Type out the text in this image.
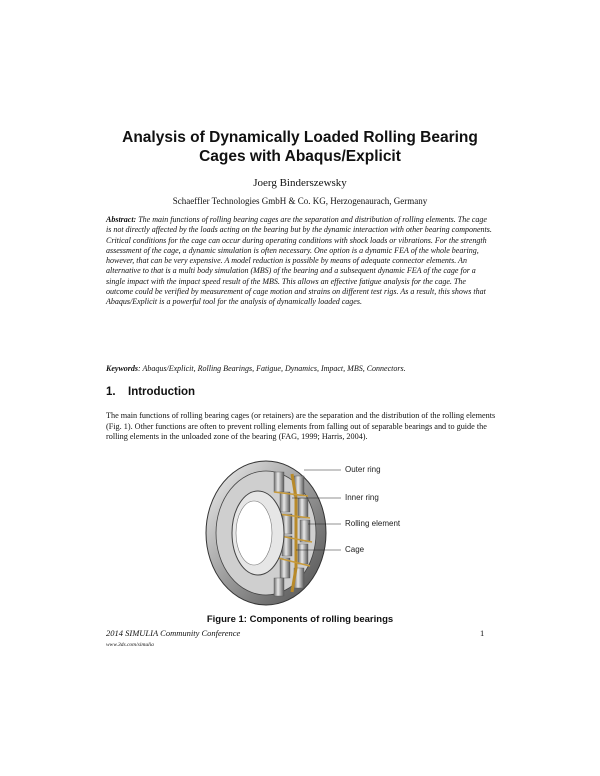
Analysis of Dynamically Loaded Rolling Bearing
Cages with Abaqus/Explicit
Joerg Binderszewsky
Schaeffler Technologies GmbH & Co. KG, Herzogenaurach, Germany

Abstract: The main functions of rolling bearing cages are the separation and distribution of rolling elements. The cage is not directly affected by the loads acting on the bearing but by the dynamic interaction with other bearing components. Critical conditions for the cage can occur during operating conditions with shock loads or vibrations. For the strength assessment of the cage, a dynamic simulation is often necessary. One option is a dynamic FEA of the whole bearing, however, that can be very expensive. A model reduction is possible by means of adequate connector elements. An alternative to that is a multi body simulation (MBS) of the bearing and a subsequent dynamic FEA of the cage for a single impact with the impact speed result of the MBS. This allows an effective fatigue analysis for the cage. The outcome could be verified by measurement of cage motion and strains on different test rigs. As a result, this shows that Abaqus/Explicit is a powerful tool for the analysis of dynamically loaded cages.

Keywords: Abaqus/Explicit, Rolling Bearings, Fatigue, Dynamics, Impact, MBS, Connectors.

1. Introduction

The main functions of rolling bearing cages (or retainers) are the separation and the distribution of the rolling elements (Fig. 1). Other functions are often to prevent rolling elements from falling out of separable bearings and to guide the rolling elements in the unloaded zone of the bearing (FAG, 1999; Harris, 2004).

Outer ring
Inner ring
Rolling element
Cage

Figure 1: Components of rolling bearings

2014 SIMULIA Community Conference	1
www.3ds.com/simulia
